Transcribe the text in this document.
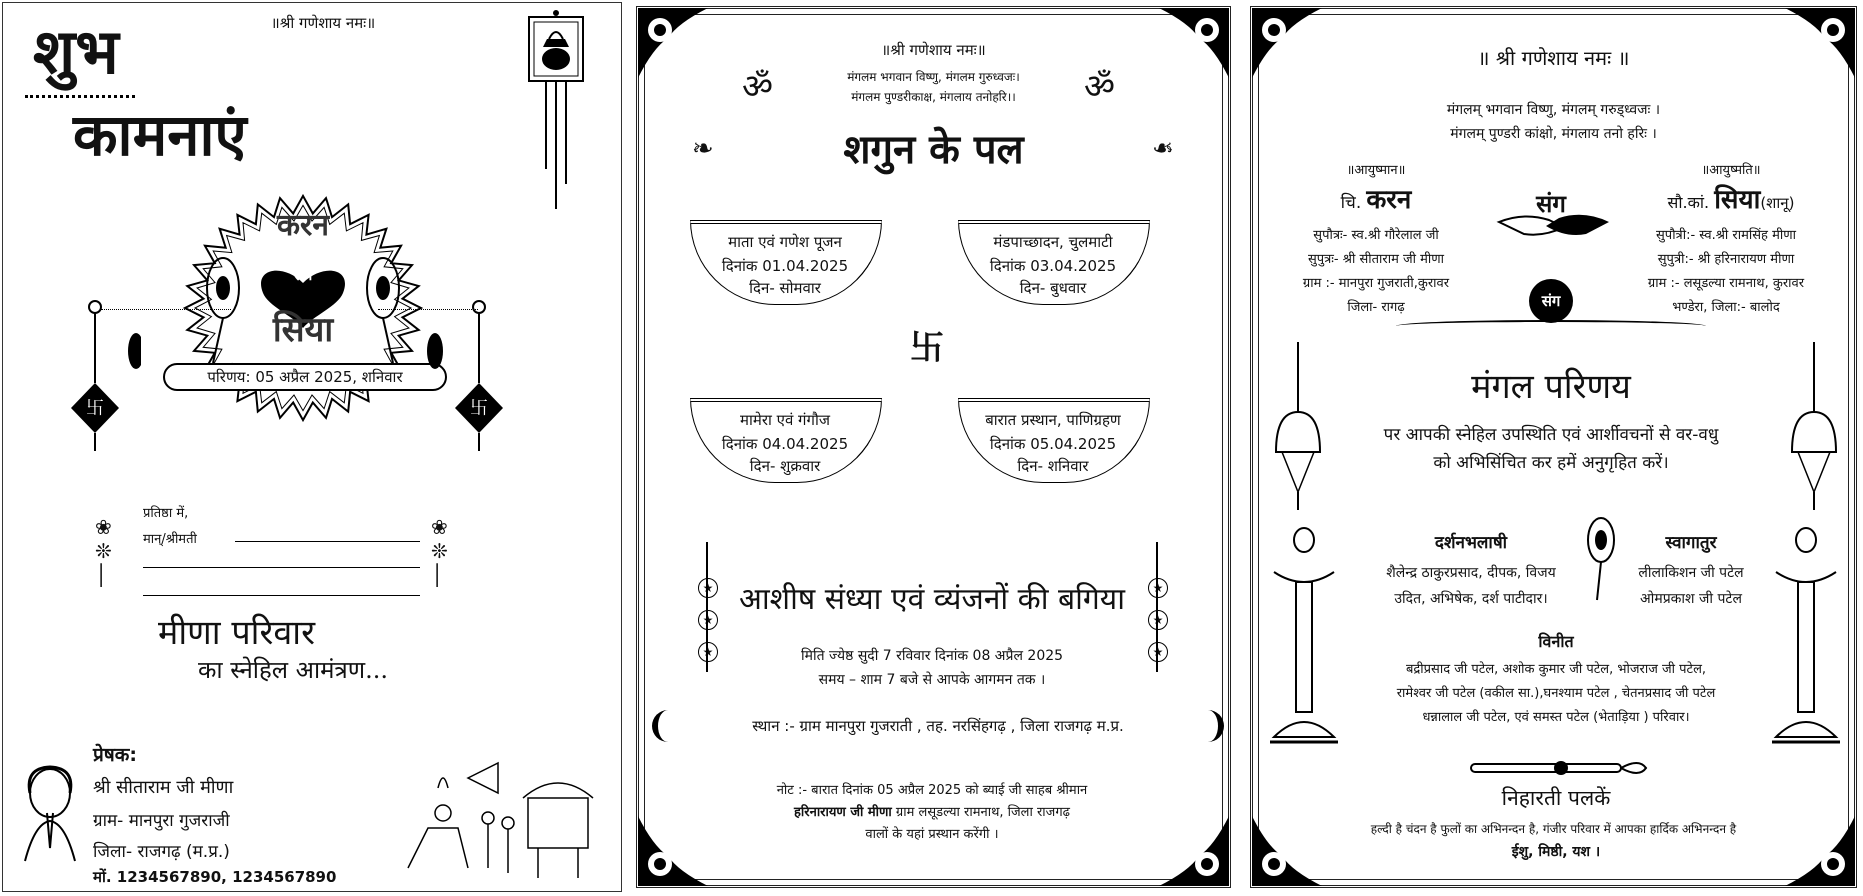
॥श्री गणेशाय नमः॥
शुभ
कामनाएं
करन
संग
सिया
परिणय: 05 अप्रैल 2025, शनिवार
卐	卐
प्रतिष्ठा में,
मान्/श्रीमती
❀
❊
│
❀
❊
│
मीणा परिवार
का स्नेहिल आमंत्रण...
प्रेषक:
श्री सीताराम जी मीणा
ग्राम- मानपुरा गुजराजी
जिला- राजगढ़ (म.प्र.)
मों. 1234567890, 1234567890
॥श्री गणेशाय नमः॥
मंगलम भगवान विष्णु, मंगलम गुरुध्वजः।
मंगलम पुण्डरीकाक्ष, मंगलाय तनोहरि।।
ॐ	ॐ
शगुन के पल
❧	❧
माता एवं गणेश पूजन
दिनांक 01.04.2025
दिन- सोमवार
मंडपाच्छादन, चुलमाटी
दिनांक 03.04.2025
दिन- बुधवार
卐
मामेरा एवं गंगौज
दिनांक 04.04.2025
दिन- शुक्रवार
बारात प्रस्थान, पाणिग्रहण
दिनांक 05.04.2025
दिन- शनिवार
★
★
★
★
★
★
आशीष संध्या एवं व्यंजनों की बगिया
मिति ज्येष्ठ सुदी 7 रविवार दिनांक 08 अप्रैल 2025
समय – शाम 7 बजे से आपके आगमन तक ।
स्थान :- ग्राम मानपुरा गुजराती , तह. नरसिंहगढ़ , जिला राजगढ़ म.प्र.
नोट :- बारात दिनांक 05 अप्रैल 2025 को ब्याई जी साहब श्रीमान
हरिनारायण जी मीणा ग्राम लसूडल्या रामनाथ, जिला राजगढ़
वालों के यहां प्रस्थान करेंगी ।
॥ श्री गणेशाय नमः ॥
मंगलम् भगवान विष्णु, मंगलम् गरुड्ध्वजः ।
मंगलम् पुण्डरी कांक्षो, मंगलाय तनो हरिः ।
॥आयुष्मान॥
चि. करन
सुपौत्रः- स्व.श्री गौरेलाल जी
सुपुत्रः- श्री सीताराम जी मीणा
ग्राम :- मानपुरा गुजराती,कुरावर
जिला- रागढ़
संग
संग
॥आयुष्मति॥
सौ.कां. सिया(शानू)
सुपौत्री:- स्व.श्री रामसिंह मीणा
सुपुत्री:- श्री हरिनारायण मीणा
ग्राम :- लसूडल्या रामनाथ, कुरावर
भण्डेरा, जिला:- बालोद
मंगल परिणय
पर आपकी स्नेहिल उपस्थिति एवं आर्शीवचनों से वर-वधु
को अभिसिंचित कर हमें अनुगृहित करें।
दर्शनभलाषी
शैलेन्द्र ठाकुरप्रसाद, दीपक, विजय
उदित, अभिषेक, दर्श पाटीदार।
स्वागातुर
लीलाकिशन जी पटेल
ओमप्रकाश जी पटेल
विनीत
बद्रीप्रसाद जी पटेल, अशोक कुमार जी पटेल, भोजराज जी पटेल,
रामेश्वर जी पटेल (वकील सा.),घनश्याम पटेल , चेतनप्रसाद जी पटेल
धन्नालाल जी पटेल, एवं समस्त पटेल (भेताड़िया ) परिवार।
निहारती पलकें
हल्दी है चंदन है फुलों का अभिनन्दन है, गंजीर परिवार में आपका हार्दिक अभिनन्दन है
ईशु, मिष्ठी, यश ।
